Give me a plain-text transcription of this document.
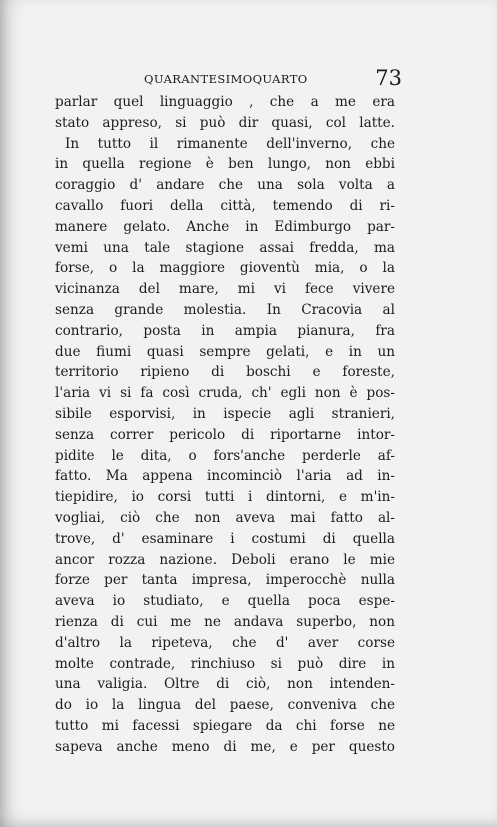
QUARANTESIMOQUARTO	73
parlar quel linguaggio , che a me era
stato appreso, si può dir quasi, col latte.
In tutto il rimanente dell'inverno, che
in quella regione è ben lungo, non ebbi
coraggio d' andare che una sola volta a
cavallo fuori della città, temendo di ri-
manere gelato. Anche in Edimburgo par-
vemi una tale stagione assai fredda, ma
forse, o la maggiore gioventù mia, o la
vicinanza del mare, mi vi fece vivere
senza grande molestia. In Cracovia al
contrario, posta in ampia pianura, fra
due fiumi quasi sempre gelati, e in un
territorio ripieno di boschi e foreste,
l'aria vi si fa così cruda, ch' egli non è pos-
sibile esporvisi, in ispecie agli stranieri,
senza correr pericolo di riportarne intor-
pidite le dita, o fors'anche perderle af-
fatto. Ma appena incominciò l'aria ad in-
tiepidire, io corsi tutti i dintorni, e m'in-
vogliai, ciò che non aveva mai fatto al-
trove, d' esaminare i costumi di quella
ancor rozza nazione. Deboli erano le mie
forze per tanta impresa, imperocchè nulla
aveva io studiato, e quella poca espe-
rienza di cui me ne andava superbo, non
d'altro la ripeteva, che d' aver corse
molte contrade, rinchiuso si può dire in
una valigia. Oltre di ciò, non intenden-
do io la lingua del paese, conveniva che
tutto mi facessi spiegare da chi forse ne
sapeva anche meno di me, e per questo
